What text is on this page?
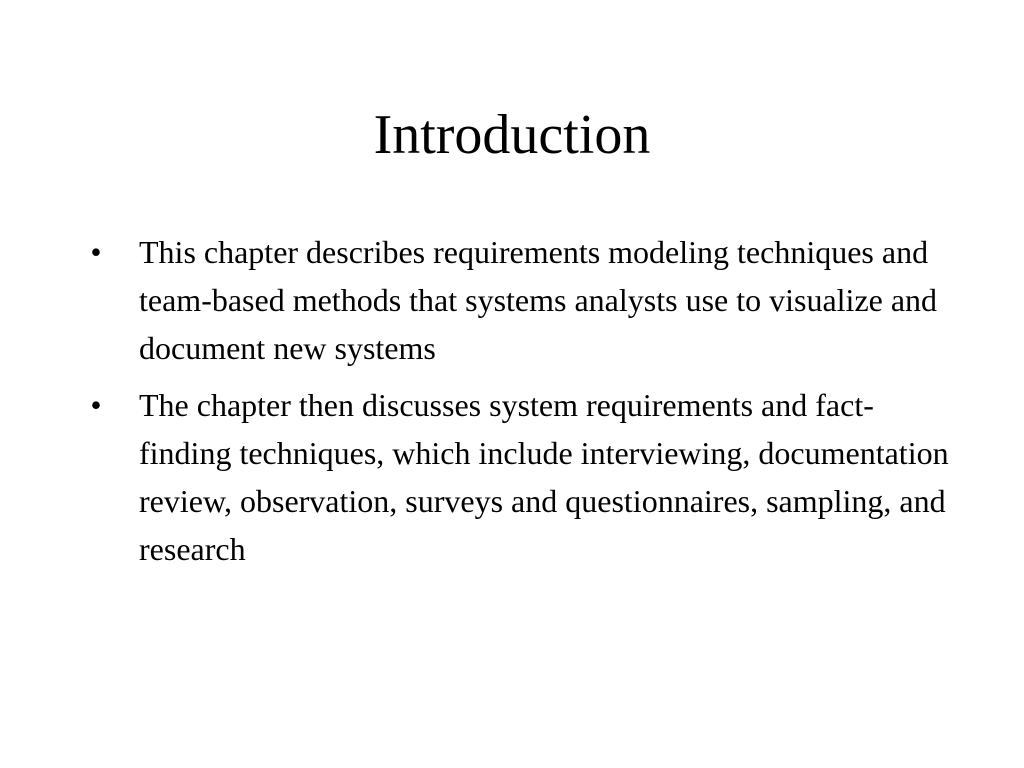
Introduction
• This chapter describes requirements modeling techniques and team-based methods that systems analysts use to visualize and document new systems
• The chapter then discusses system requirements and fact-finding techniques, which include interviewing, documentation review, observation, surveys and questionnaires, sampling, and research
